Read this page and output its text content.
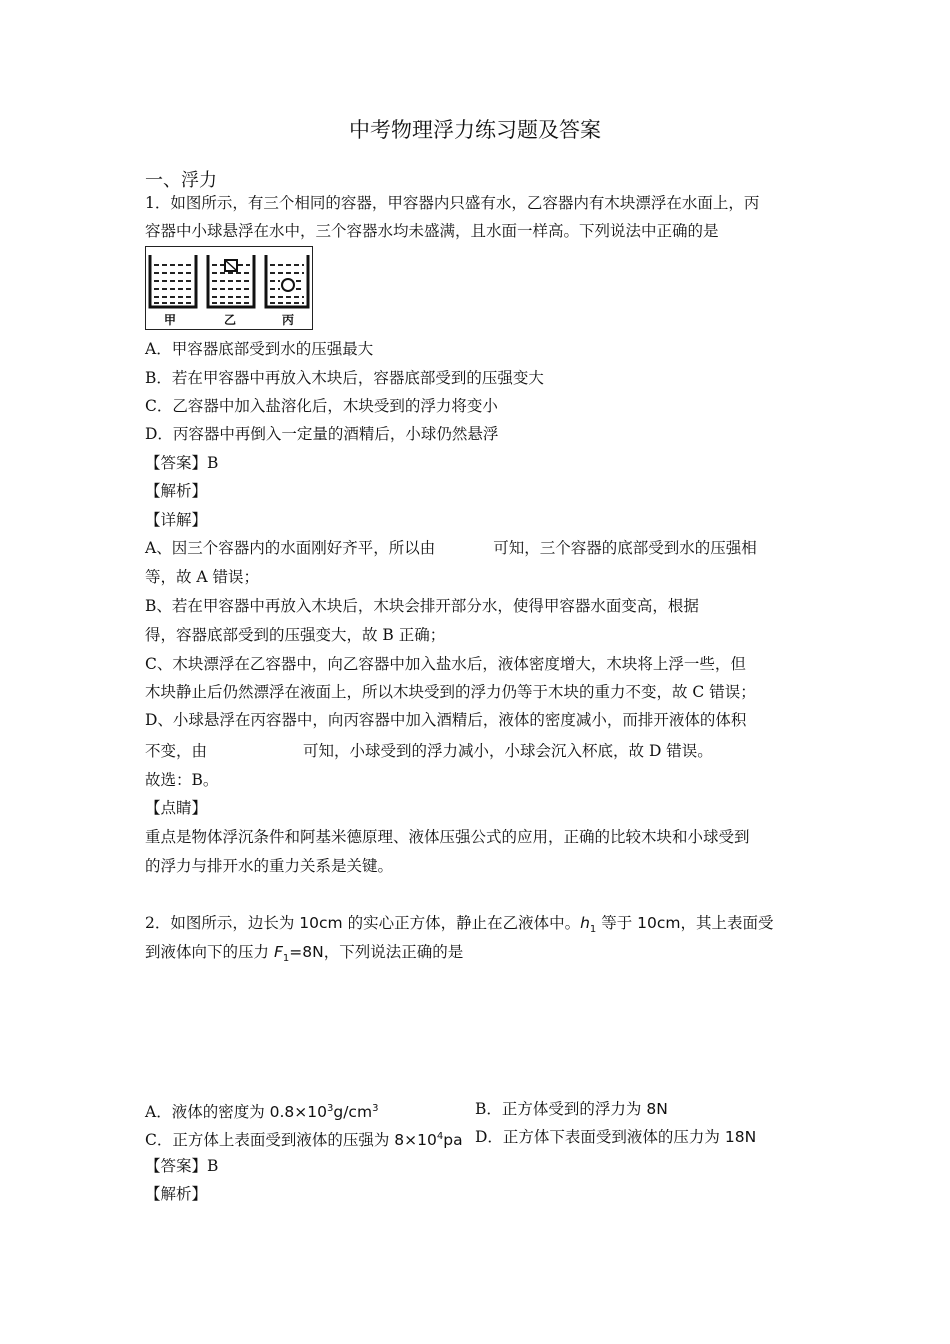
中考物理浮力练习题及答案
一、浮力
1．如图所示，有三个相同的容器，甲容器内只盛有水，乙容器内有木块漂浮在水面上，丙
容器中小球悬浮在水中，三个容器水均未盛满，且水面一样高。下列说法中正确的是
甲	乙	丙
A．甲容器底部受到水的压强最大
B．若在甲容器中再放入木块后，容器底部受到的压强变大
C．乙容器中加入盐溶化后，木块受到的浮力将变小
D．丙容器中再倒入一定量的酒精后，小球仍然悬浮
【答案】B
【解析】
【详解】
A、因三个容器内的水面刚好齐平，所以由	可知，三个容器的底部受到水的压强相
等，故 A 错误；
B、若在甲容器中再放入木块后，木块会排开部分水，使得甲容器水面变高，根据
得，容器底部受到的压强变大，故 B 正确；
C、木块漂浮在乙容器中，向乙容器中加入盐水后，液体密度增大，木块将上浮一些，但
木块静止后仍然漂浮在液面上，所以木块受到的浮力仍等于木块的重力不变，故 C 错误；
D、小球悬浮在丙容器中，向丙容器中加入酒精后，液体的密度减小，而排开液体的体积
不变，由	可知，小球受到的浮力减小，小球会沉入杯底，故 D 错误。
故选：B。
【点睛】
重点是物体浮沉条件和阿基米德原理、液体压强公式的应用，正确的比较木块和小球受到
的浮力与排开水的重力关系是关键。
2．如图所示，边长为 10cm 的实心正方体，静止在乙液体中。$h_1$ 等于 10cm，其上表面受
到液体向下的压力 $F_1=8N$，下列说法正确的是
A．液体的密度为 $0.8\times 10^3g/cm^3$	B．正方体受到的浮力为 8N
C．正方体上表面受到液体的压强为 $8\times 10^4pa$ D．正方体下表面受到液体的压力为 18N
【答案】B
【解析】
